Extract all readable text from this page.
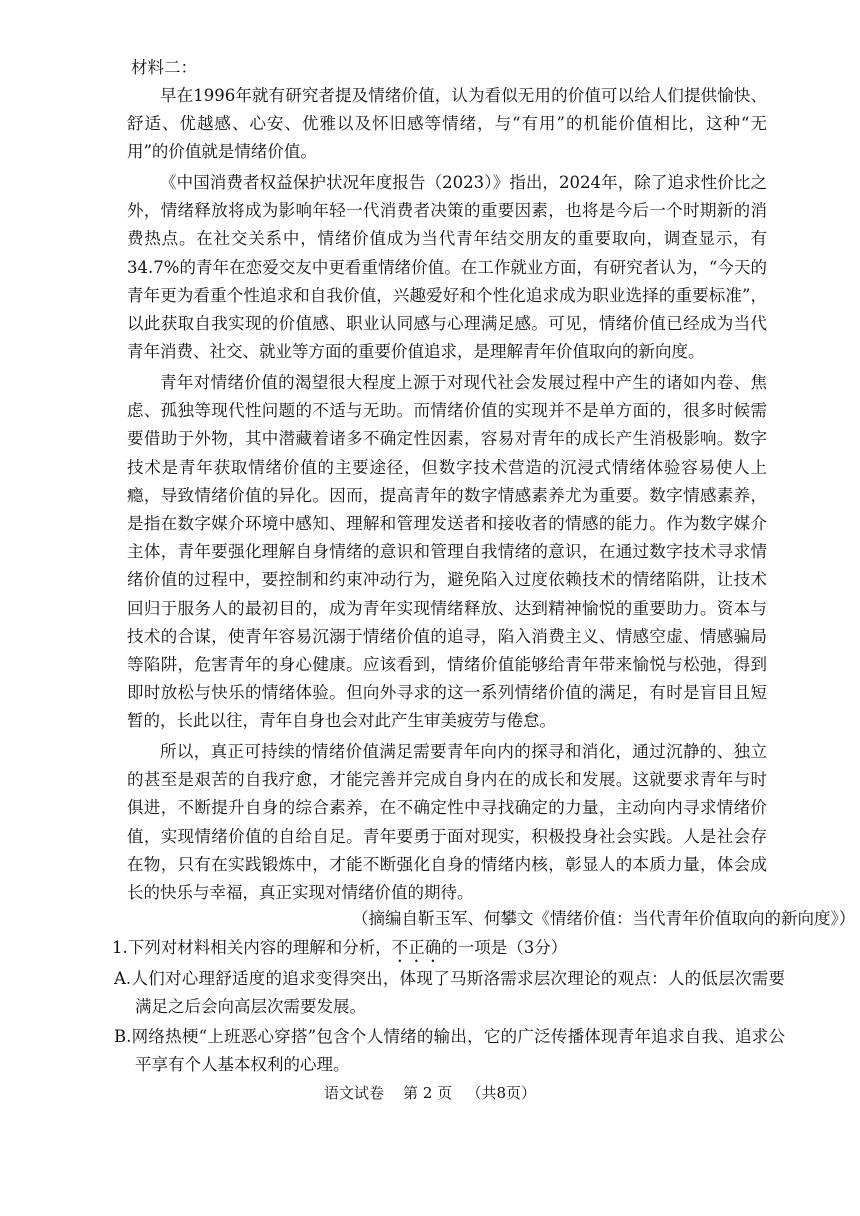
材料二：

早在1996年就有研究者提及情绪价值，认为看似无用的价值可以给人们提供愉快、舒适、优越感、心安、优雅以及怀旧感等情绪，与“有用”的机能价值相比，这种“无用”的价值就是情绪价值。

《中国消费者权益保护状况年度报告（2023）》指出，2024年，除了追求性价比之外，情绪释放将成为影响年轻一代消费者决策的重要因素，也将是今后一个时期新的消费热点。在社交关系中，情绪价值成为当代青年结交朋友的重要取向，调查显示，有34.7%的青年在恋爱交友中更看重情绪价值。在工作就业方面，有研究者认为，“今天的青年更为看重个性追求和自我价值，兴趣爱好和个性化追求成为职业选择的重要标准”，以此获取自我实现的价值感、职业认同感与心理满足感。可见，情绪价值已经成为当代青年消费、社交、就业等方面的重要价值追求，是理解青年价值取向的新向度。

青年对情绪价值的渴望很大程度上源于对现代社会发展过程中产生的诸如内卷、焦虑、孤独等现代性问题的不适与无助。而情绪价值的实现并不是单方面的，很多时候需要借助于外物，其中潜藏着诸多不确定性因素，容易对青年的成长产生消极影响。数字技术是青年获取情绪价值的主要途径，但数字技术营造的沉浸式情绪体验容易使人上瘾，导致情绪价值的异化。因而，提高青年的数字情感素养尤为重要。数字情感素养，是指在数字媒介环境中感知、理解和管理发送者和接收者的情感的能力。作为数字媒介主体，青年要强化理解自身情绪的意识和管理自我情绪的意识，在通过数字技术寻求情绪价值的过程中，要控制和约束冲动行为，避免陷入过度依赖技术的情绪陷阱，让技术回归于服务人的最初目的，成为青年实现情绪释放、达到精神愉悦的重要助力。资本与技术的合谋，使青年容易沉溺于情绪价值的追寻，陷入消费主义、情感空虚、情感骗局等陷阱，危害青年的身心健康。应该看到，情绪价值能够给青年带来愉悦与松弛，得到即时放松与快乐的情绪体验。但向外寻求的这一系列情绪价值的满足，有时是盲目且短暂的，长此以往，青年自身也会对此产生审美疲劳与倦怠。

所以，真正可持续的情绪价值满足需要青年向内的探寻和消化，通过沉静的、独立的甚至是艰苦的自我疗愈，才能完善并完成自身内在的成长和发展。这就要求青年与时俱进，不断提升自身的综合素养，在不确定性中寻找确定的力量，主动向内寻求情绪价值，实现情绪价值的自给自足。青年要勇于面对现实，积极投身社会实践。人是社会存在物，只有在实践锻炼中，才能不断强化自身的情绪内核，彰显人的本质力量，体会成长的快乐与幸福，真正实现对情绪价值的期待。

（摘编自靳玉军、何攀文《情绪价值：当代青年价值取向的新向度》）
1.下列对材料相关内容的理解和分析，不正确的一项是（3分）

A.人们对心理舒适度的追求变得突出，体现了马斯洛需求层次理论的观点：人的低层次需要满足之后会向高层次需要发展。

B.网络热梗“上班恶心穿搭”包含个人情绪的输出，它的广泛传播体现青年追求自我、追求公平享有个人基本权利的心理。

语文试卷    第 2 页   （共8页）
